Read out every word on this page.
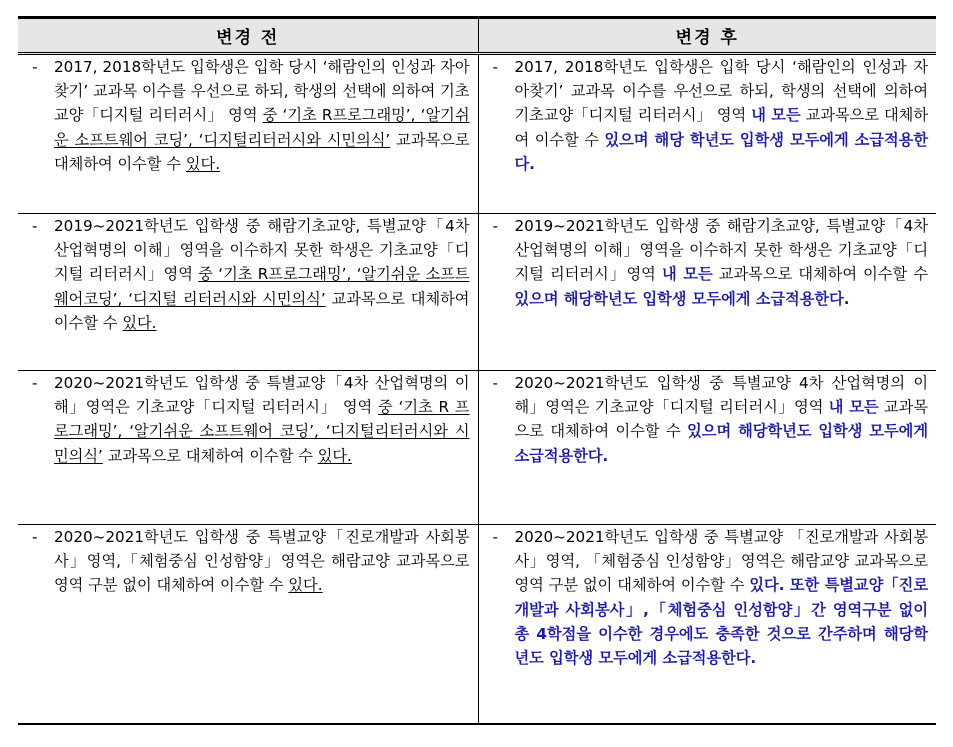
변경 전	변경 후

- 2017, 2018학년도 입학생은 입학 당시 ‘해람인의 인성과 자아찾기’ 교과목 이수를 우선으로 하되, 학생의 선택에 의하여 기초교양「디지털 리터러시」 영역 중 ‘기초 R프로그래밍’, ‘알기쉬운 소프트웨어 코딩’, ‘디지털리터러시와 시민의식’ 교과목으로 대체하여 이수할 수 있다.	- 2017, 2018학년도 입학생은 입학 당시 ‘해람인의 인성과 자아찾기’ 교과목 이수를 우선으로 하되, 학생의 선택에 의하여 기초교양「디지털 리터러시」 영역 내 모든 교과목으로 대체하여 이수할 수 있으며 해당 학년도 입학생 모두에게 소급적용한다.

- 2019~2021학년도 입학생 중 해람기초교양, 특별교양「4차 산업혁명의 이해」영역을 이수하지 못한 학생은 기초교양「디지털 리터러시」영역 중 ‘기초 R프로그래밍’, ‘알기쉬운 소프트웨어코딩’, ‘디지털 리터러시와 시민의식’ 교과목으로 대체하여 이수할 수 있다.	- 2019~2021학년도 입학생 중 해람기초교양, 특별교양「4차 산업혁명의 이해」영역을 이수하지 못한 학생은 기초교양「디지털 리터러시」영역 내 모든 교과목으로 대체하여 이수할 수 있으며 해당학년도 입학생 모두에게 소급적용한다.

- 2020~2021학년도 입학생 중 특별교양「4차 산업혁명의 이해」영역은 기초교양「디지털 리터러시」 영역 중 ‘기초 R 프로그래밍’, ‘알기쉬운 소프트웨어 코딩’, ‘디지털리터러시와 시민의식’ 교과목으로 대체하여 이수할 수 있다.	- 2020~2021학년도 입학생 중 특별교양 4차 산업혁명의 이해」영역은 기초교양「디지털 리터러시」영역 내 모든 교과목으로 대체하여 이수할 수 있으며 해당학년도 입학생 모두에게 소급적용한다.

- 2020~2021학년도 입학생 중 특별교양「진로개발과 사회봉사」영역,「체험중심 인성함양」영역은 해람교양 교과목으로 영역 구분 없이 대체하여 이수할 수 있다.	- 2020~2021학년도 입학생 중 특별교양 「진로개발과 사회봉사」영역, 「체험중심 인성함양」영역은 해람교양 교과목으로 영역 구분 없이 대체하여 이수할 수 있다. 또한 특별교양「진로개발과 사회봉사」,「체험중심 인성함양」간 영역구분 없이 총 4학점을 이수한 경우에도 충족한 것으로 간주하며 해당학년도 입학생 모두에게 소급적용한다.
